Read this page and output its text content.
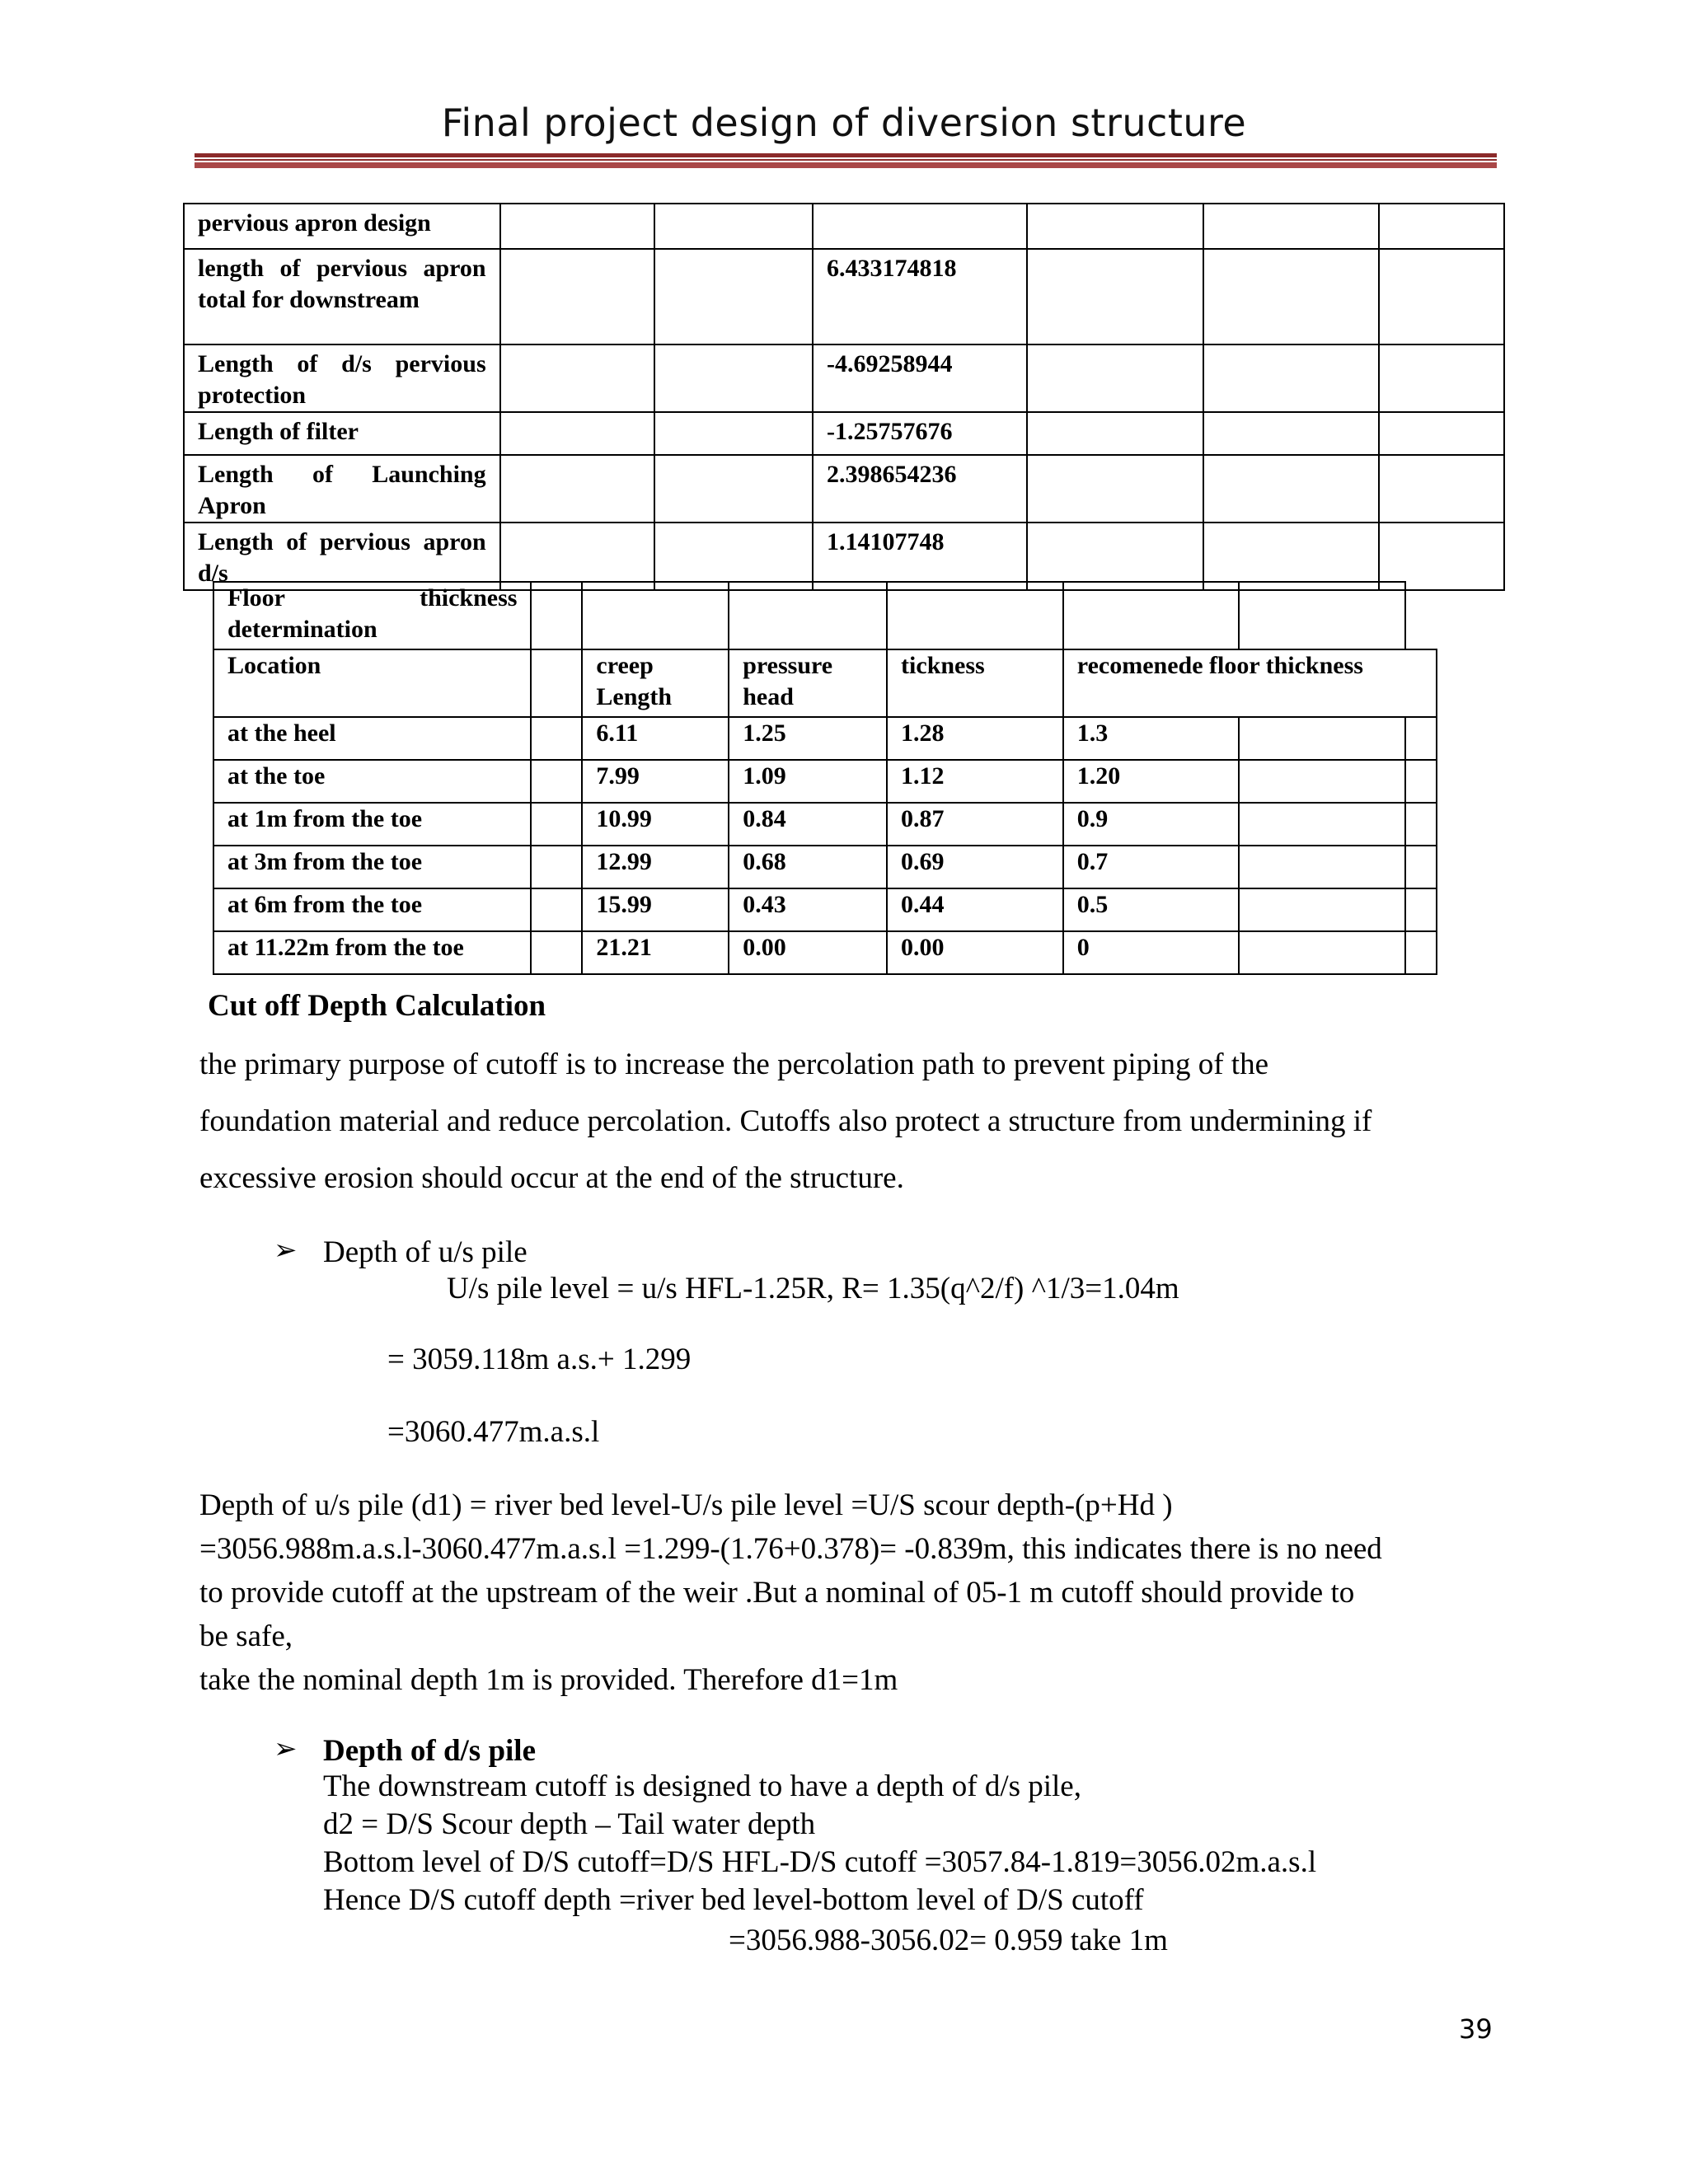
Final project design of diversion structure
pervious apron design						
length of pervious apron total for downstream			6.433174818			
Length of d/s pervious protection			-4.69258944			
Length of filter			-1.25757676			
Length of Launching Apron			2.398654236			
Length of pervious apron d/s			1.14107748			
Floor thickness determination							
Location		creep Length	pressure head	tickness	recomenede floor thickness		
at the heel		6.11	1.25	1.28	1.3		
at the toe		7.99	1.09	1.12	1.20		
at 1m from the toe		10.99	0.84	0.87	0.9		
at 3m from the toe		12.99	0.68	0.69	0.7		
at 6m from the toe		15.99	0.43	0.44	0.5		
at 11.22m from the toe		21.21	0.00	0.00	0		
Cut off Depth Calculation
the primary purpose of cutoff is to increase the percolation path to prevent piping of the
foundation material and reduce percolation. Cutoffs also protect a structure from undermining if
excessive erosion should occur at the end of the structure.
➢ Depth of u/s pile
U/s pile level = u/s HFL-1.25R, R= 1.35(q^2/f) ^1/3=1.04m
= 3059.118m a.s.+ 1.299
=3060.477m.a.s.l
Depth of u/s pile (d1) = river bed level-U/s pile level =U/S scour depth-(p+Hd )
=3056.988m.a.s.l-3060.477m.a.s.l =1.299-(1.76+0.378)= -0.839m, this indicates there is no need
to provide cutoff at the upstream of the weir .But a nominal of 05-1 m cutoff should provide to
be safe,
take the nominal depth 1m is provided. Therefore d1=1m
➢ Depth of d/s pile
The downstream cutoff is designed to have a depth of d/s pile,
d2 = D/S Scour depth – Tail water depth
Bottom level of D/S cutoff=D/S HFL-D/S cutoff =3057.84-1.819=3056.02m.a.s.l
Hence D/S cutoff depth =river bed level-bottom level of D/S cutoff
=3056.988-3056.02= 0.959 take 1m
39
